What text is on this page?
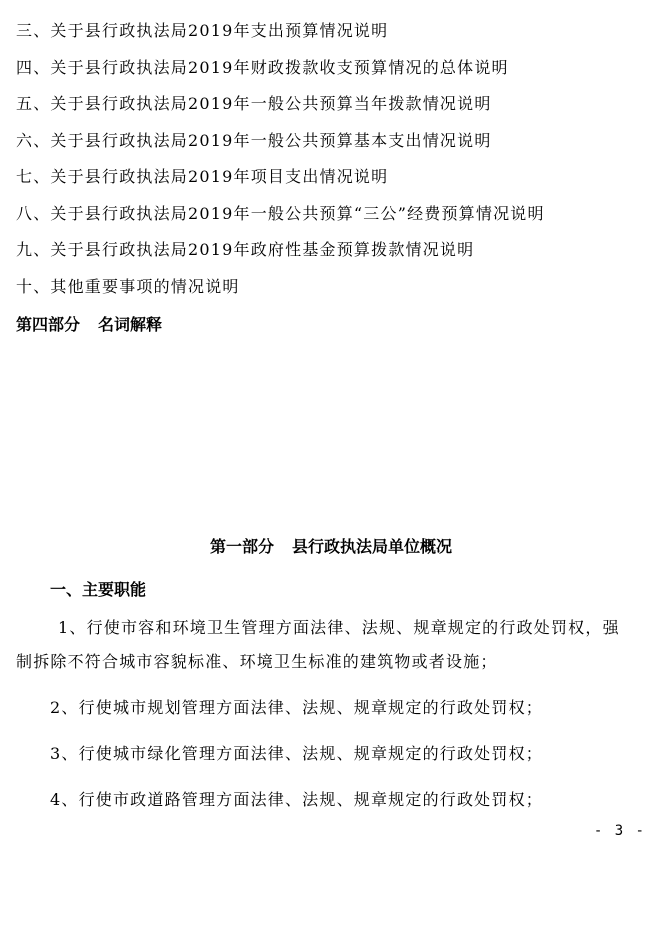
三、关于县行政执法局2019年支出预算情况说明
四、关于县行政执法局2019年财政拨款收支预算情况的总体说明
五、关于县行政执法局2019年一般公共预算当年拨款情况说明
六、关于县行政执法局2019年一般公共预算基本支出情况说明
七、关于县行政执法局2019年项目支出情况说明
八、关于县行政执法局2019年一般公共预算“三公”经费预算情况说明
九、关于县行政执法局2019年政府性基金预算拨款情况说明
十、其他重要事项的情况说明
第四部分 名词解释
第一部分 县行政执法局单位概况
一、主要职能
1、行使市容和环境卫生管理方面法律、法规、规章规定的行政处罚权，强
制拆除不符合城市容貌标准、环境卫生标准的建筑物或者设施；
2、行使城市规划管理方面法律、法规、规章规定的行政处罚权；
3、行使城市绿化管理方面法律、法规、规章规定的行政处罚权；
4、行使市政道路管理方面法律、法规、规章规定的行政处罚权；
- 3 -
